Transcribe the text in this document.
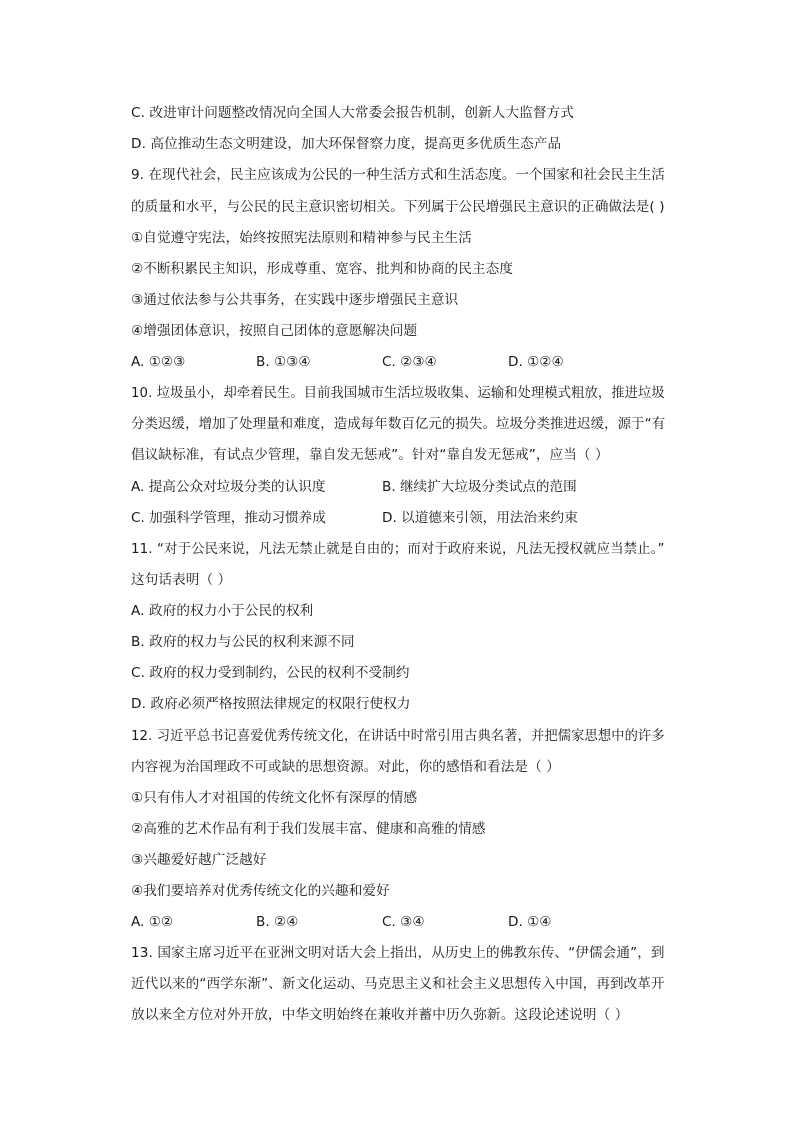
C. 改进审计问题整改情况向全国人大常委会报告机制，创新人大监督方式
D. 高位推动生态文明建设，加大环保督察力度，提高更多优质生态产品
9. 在现代社会，民主应该成为公民的一种生活方式和生活态度。一个国家和社会民主生活
的质量和水平，与公民的民主意识密切相关。下列属于公民增强民主意识的正确做法是( )
①自觉遵守宪法，始终按照宪法原则和精神参与民主生活
②不断积累民主知识，形成尊重、宽容、批判和协商的民主态度
③通过依法参与公共事务，在实践中逐步增强民主意识
④增强团体意识，按照自己团体的意愿解决问题
A. ①②③	B. ①③④	C. ②③④	D. ①②④
10. 垃圾虽小，却牵着民生。目前我国城市生活垃圾收集、运输和处理模式粗放，推进垃圾
分类迟缓，增加了处理量和难度，造成每年数百亿元的损失。垃圾分类推进迟缓，源于“有
倡议缺标准，有试点少管理，靠自发无惩戒”。针对“靠自发无惩戒”，应当（ ）
A. 提高公众对垃圾分类的认识度	B. 继续扩大垃圾分类试点的范围
C. 加强科学管理，推动习惯养成	D. 以道德来引领，用法治来约束
11. “对于公民来说，凡法无禁止就是自由的；而对于政府来说，凡法无授权就应当禁止。”
这句话表明（ ）
A. 政府的权力小于公民的权利
B. 政府的权力与公民的权利来源不同
C. 政府的权力受到制约，公民的权利不受制约
D. 政府必须严格按照法律规定的权限行使权力
12. 习近平总书记喜爱优秀传统文化，在讲话中时常引用古典名著，并把儒家思想中的许多
内容视为治国理政不可或缺的思想资源。对此，你的感悟和看法是（ ）
①只有伟人才对祖国的传统文化怀有深厚的情感
②高雅的艺术作品有利于我们发展丰富、健康和高雅的情感
③兴趣爱好越广泛越好
④我们要培养对优秀传统文化的兴趣和爱好
A. ①②	B. ②④	C. ③④	D. ①④
13. 国家主席习近平在亚洲文明对话大会上指出，从历史上的佛教东传、“伊儒会通”，到
近代以来的“西学东渐”、新文化运动、马克思主义和社会主义思想传入中国，再到改革开
放以来全方位对外开放，中华文明始终在兼收并蓄中历久弥新。这段论述说明（ ）
